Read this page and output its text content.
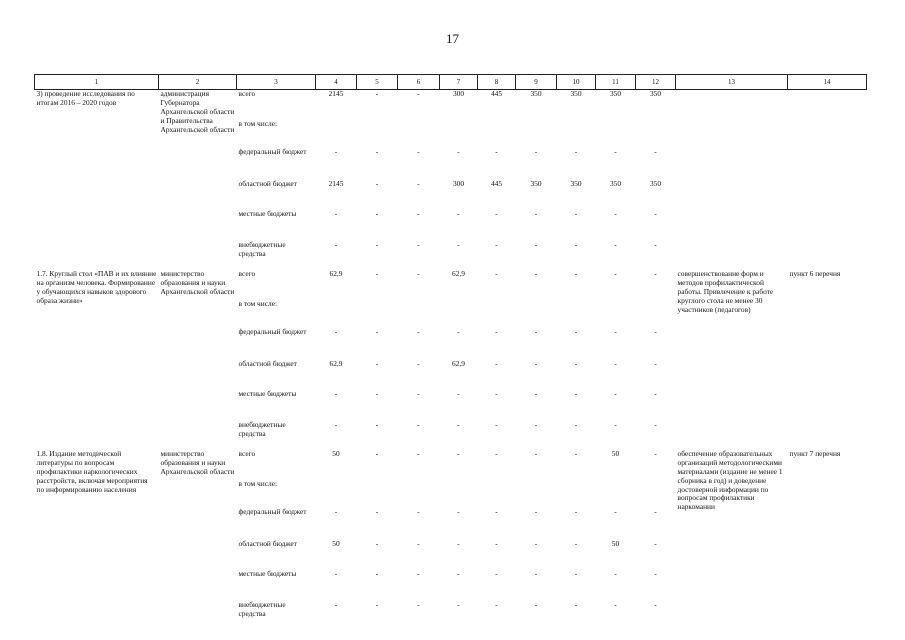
17
1	2	3	4	5	6	7	8	9	10	11	12	13	14
3) проведение исследования по итогам 2016 – 2020 годов	администрация Губернатора Архангельской области и Правительства Архангельской области	всего	2145	-	-	300	445	350	350	350	350		
		в том числе:											
		федеральный бюджет	-	-	-	-	-	-	-	-	-		
		областной бюджет	2145	-	-	300	445	350	350	350	350		
		местные бюджеты	-	-	-	-	-	-	-	-	-		
		внебюджетные средства	-	-	-	-	-	-	-	-	-		
1.7. Круглый стол «ПАВ и их влияние на организм человека. Формирование у обучающихся навыков здорового образа жизни»	министерство образования и науки Архангельской области	всего	62,9	-	-	62,9	-	-	-	-	-	совершенствование форм и методов профилактической работы. Привлечение к работе круглого стола не менее 30 участников (педагогов)	пункт 6 перечня
		в том числе:											
		федеральный бюджет	-	-	-	-	-	-	-	-	-		
		областной бюджет	62,9	-	-	62,9	-	-	-	-	-		
		местные бюджеты	-	-	-	-	-	-	-	-	-		
		внебюджетные средства	-	-	-	-	-	-	-	-	-		
1.8. Издание методической литературы по вопросам профилактики наркологических расстройств, включая мероприятия по информированию населения	министерство образования и науки Архангельской области	всего	50	-	-	-	-	-	-	50	-	обеспечение образовательных организаций методологическими материалами (издание не менее 1 сборника в год) и доведение достоверной информации по вопросам профилактики наркомании	пункт 7 перечня
		в том числе:											
		федеральный бюджет	-	-	-	-	-	-	-	-	-		
		областной бюджет	50	-	-	-	-	-	-	50	-		
		местные бюджеты	-	-	-	-	-	-	-	-	-		
		внебюджетные средства	-	-	-	-	-	-	-	-	-		
